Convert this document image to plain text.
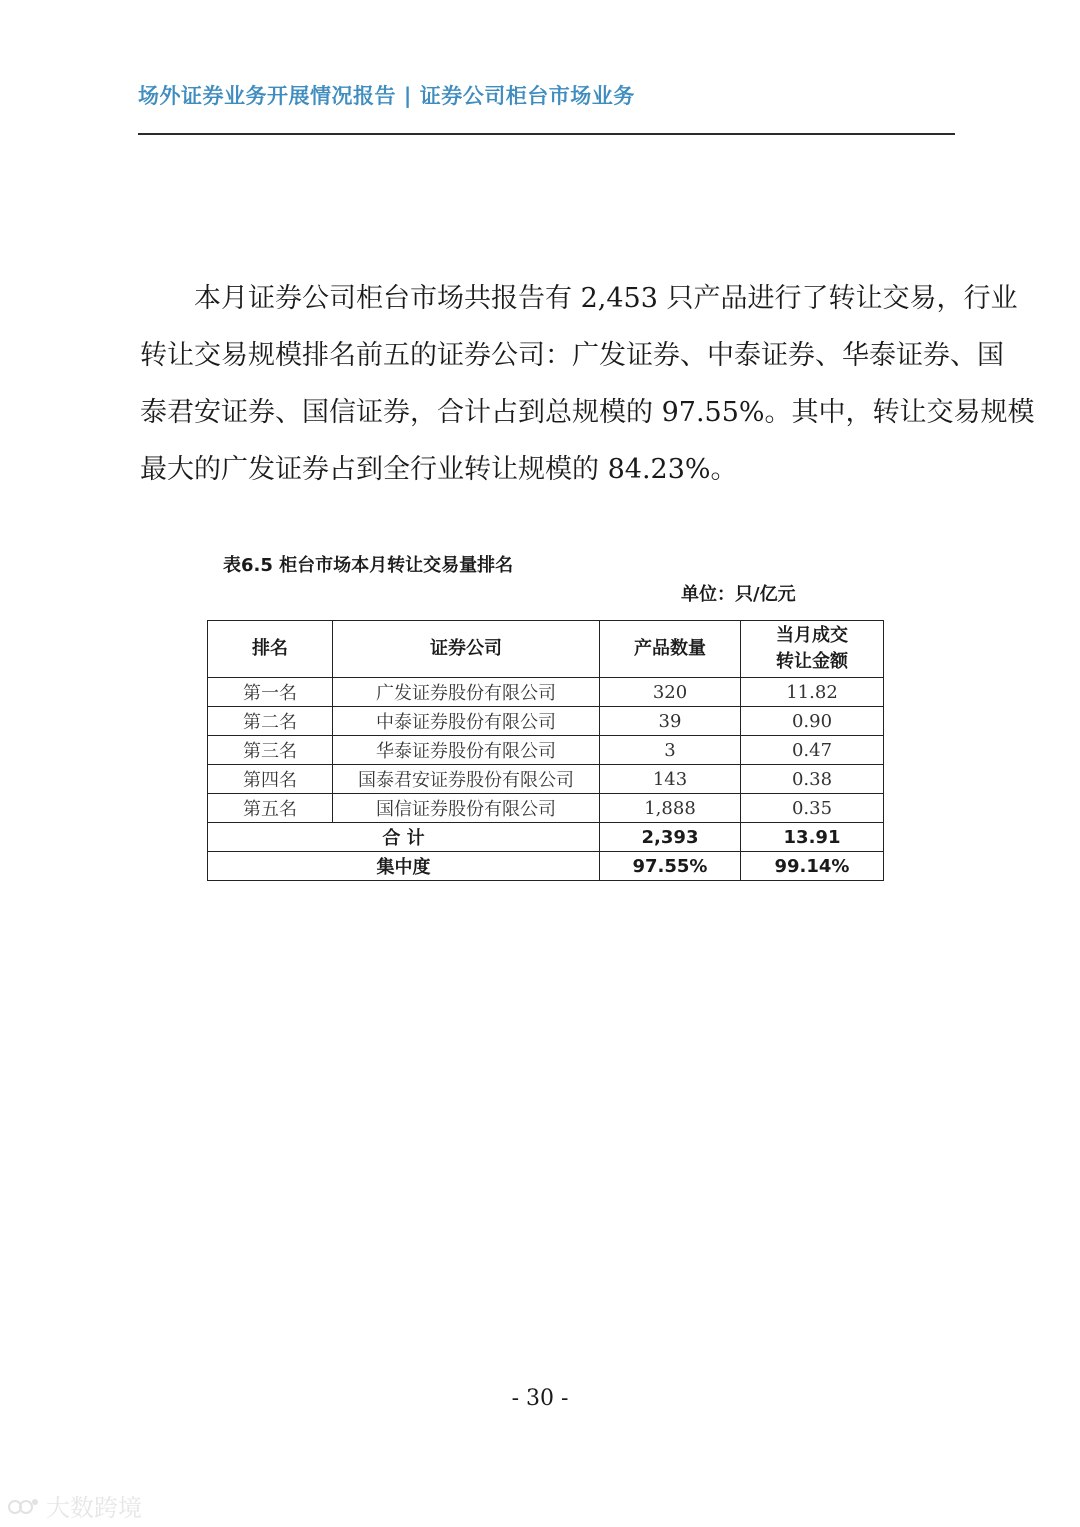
场外证券业务开展情况报告 | 证券公司柜台市场业务
本月证券公司柜台市场共报告有 2,453 只产品进行了转让交易，行业
转让交易规模排名前五的证券公司：广发证券、中泰证券、华泰证券、国
泰君安证券、国信证券，合计占到总规模的 97.55%。其中，转让交易规模
最大的广发证券占到全行业转让规模的 84.23%。
表6.5 柜台市场本月转让交易量排名
单位：只/亿元
排名	证券公司	产品数量	当月成交
转让金额
第一名	广发证券股份有限公司	320	11.82
第二名	中泰证券股份有限公司	39	0.90
第三名	华泰证券股份有限公司	3	0.47
第四名	国泰君安证券股份有限公司	143	0.38
第五名	国信证券股份有限公司	1,888	0.35
合 计		2,393	13.91
集中度		97.55%	99.14%
- 30 -
大数跨境
